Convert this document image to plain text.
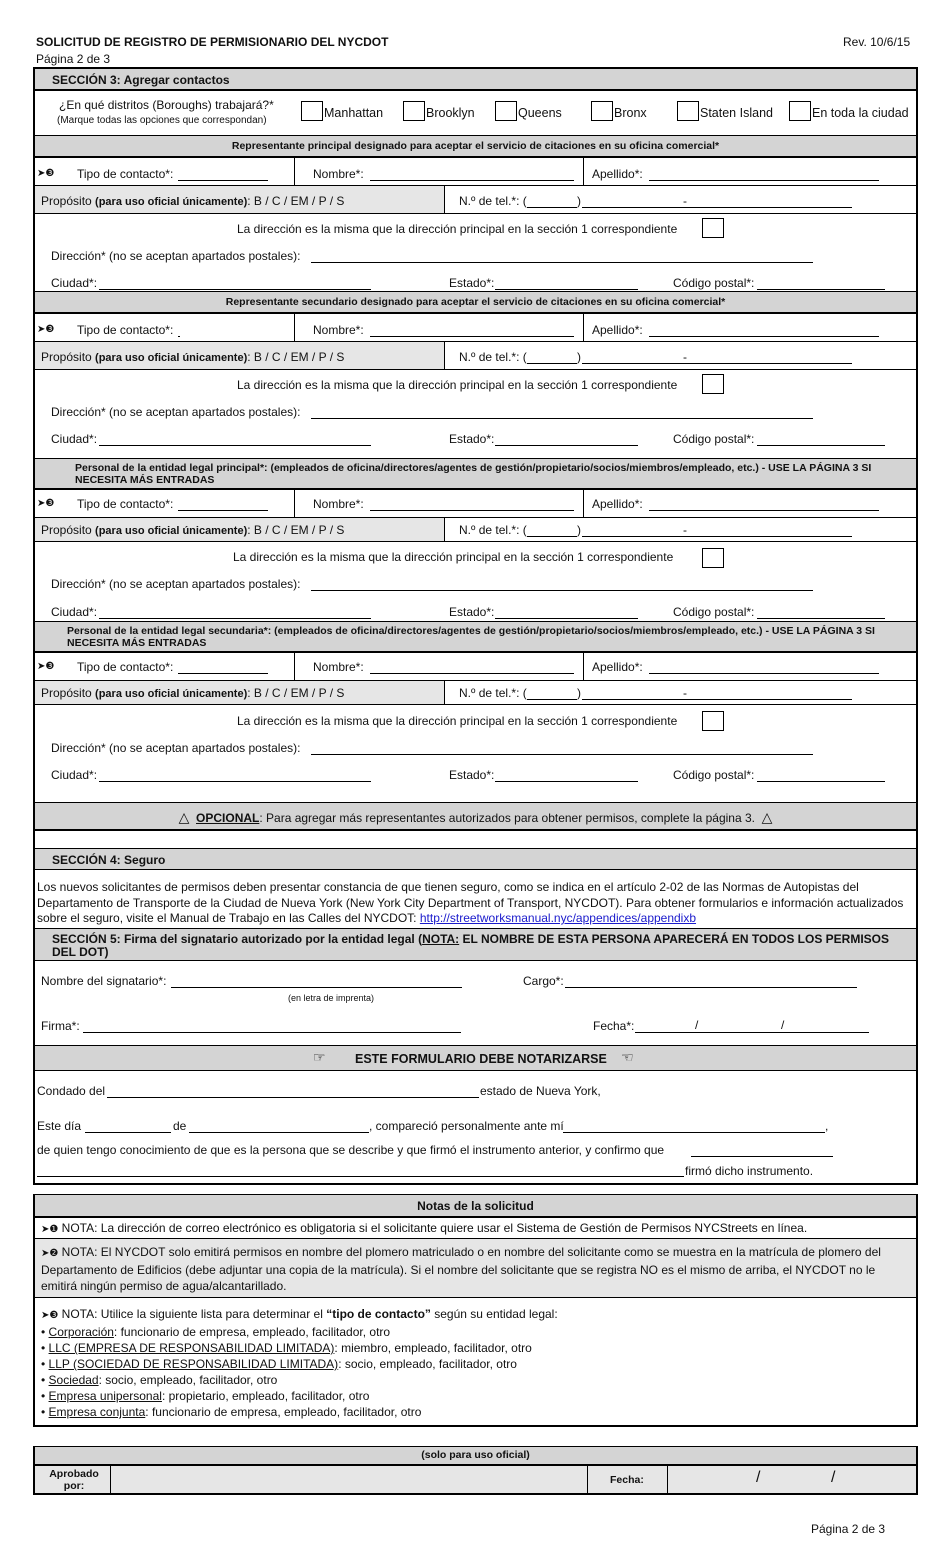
SOLICITUD DE REGISTRO DE PERMISIONARIO DEL NYCDOT
Página 2 de 3
Rev. 10/6/15
SECCIÓN 3: Agregar contactos
¿En qué distritos (Boroughs) trabajará?*
(Marque todas las opciones que correspondan)
Manhattan	Brooklyn	Queens	Bronx	Staten Island	En toda la ciudad
Representante principal designado para aceptar el servicio de citaciones en su oficina comercial*
➤❸ Tipo de contacto*:	Nombre*:	Apellido*:
Propósito (para uso oficial únicamente): B / C / EM / P / S	N.º de tel.*: (	)	-
La dirección es la misma que la dirección principal en la sección 1 correspondiente
Dirección* (no se aceptan apartados postales):
Ciudad*:	Estado*:	Código postal*:
Representante secundario designado para aceptar el servicio de citaciones en su oficina comercial*
➤❸ Tipo de contacto*:	Nombre*:	Apellido*:
Propósito (para uso oficial únicamente): B / C / EM / P / S	N.º de tel.*: (	)	-
La dirección es la misma que la dirección principal en la sección 1 correspondiente
Dirección* (no se aceptan apartados postales):
Ciudad*:	Estado*:	Código postal*:
Personal de la entidad legal principal*: (empleados de oficina/directores/agentes de gestión/propietario/socios/miembros/empleado, etc.) - USE LA PÁGINA 3 SI NECESITA MÁS ENTRADAS
➤❸ Tipo de contacto*:	Nombre*:	Apellido*:
Propósito (para uso oficial únicamente): B / C / EM / P / S	N.º de tel.*: (	)	-
La dirección es la misma que la dirección principal en la sección 1 correspondiente
Dirección* (no se aceptan apartados postales):
Ciudad*:	Estado*:	Código postal*:
Personal de la entidad legal secundaria*: (empleados de oficina/directores/agentes de gestión/propietario/socios/miembros/empleado, etc.) - USE LA PÁGINA 3 SI NECESITA MÁS ENTRADAS
➤❸ Tipo de contacto*:	Nombre*:	Apellido*:
Propósito (para uso oficial únicamente): B / C / EM / P / S	N.º de tel.*: (	)	-
La dirección es la misma que la dirección principal en la sección 1 correspondiente
Dirección* (no se aceptan apartados postales):
Ciudad*:	Estado*:	Código postal*:
△ OPCIONAL: Para agregar más representantes autorizados para obtener permisos, complete la página 3. △
SECCIÓN 4: Seguro
Los nuevos solicitantes de permisos deben presentar constancia de que tienen seguro, como se indica en el artículo 2-02 de las Normas de Autopistas del Departamento de Transporte de la Ciudad de Nueva York (New York City Department of Transport, NYCDOT). Para obtener formularios e información actualizados sobre el seguro, visite el Manual de Trabajo en las Calles del NYCDOT: http://streetworksmanual.nyc/appendices/appendixb
SECCIÓN 5: Firma del signatario autorizado por la entidad legal (NOTA: EL NOMBRE DE ESTA PERSONA APARECERÁ EN TODOS LOS PERMISOS DEL DOT)
Nombre del signatario*:
(en letra de imprenta)
Cargo*:
Firma*:	Fecha*:	/	/
☞ ESTE FORMULARIO DEBE NOTARIZARSE ☞
Condado del	estado de Nueva York,
Este día	de	, compareció personalmente ante mí	,
de quien tengo conocimiento de que es la persona que se describe y que firmó el instrumento anterior, y confirmo que
firmó dicho instrumento.
Notas de la solicitud
➤❶ NOTA: La dirección de correo electrónico es obligatoria si el solicitante quiere usar el Sistema de Gestión de Permisos NYCStreets en línea.
➤❷ NOTA: El NYCDOT solo emitirá permisos en nombre del plomero matriculado o en nombre del solicitante como se muestra en la matrícula de plomero del Departamento de Edificios (debe adjuntar una copia de la matrícula). Si el nombre del solicitante que se registra NO es el mismo de arriba, el NYCDOT no le emitirá ningún permiso de agua/alcantarillado.
➤❸ NOTA: Utilice la siguiente lista para determinar el “tipo de contacto” según su entidad legal:
• Corporación: funcionario de empresa, empleado, facilitador, otro
• LLC (EMPRESA DE RESPONSABILIDAD LIMITADA): miembro, empleado, facilitador, otro
• LLP (SOCIEDAD DE RESPONSABILIDAD LIMITADA): socio, empleado, facilitador, otro
• Sociedad: socio, empleado, facilitador, otro
• Empresa unipersonal: propietario, empleado, facilitador, otro
• Empresa conjunta: funcionario de empresa, empleado, facilitador, otro
(solo para uso oficial)
Aprobado por:	Fecha:	/	/
Página 2 de 3
